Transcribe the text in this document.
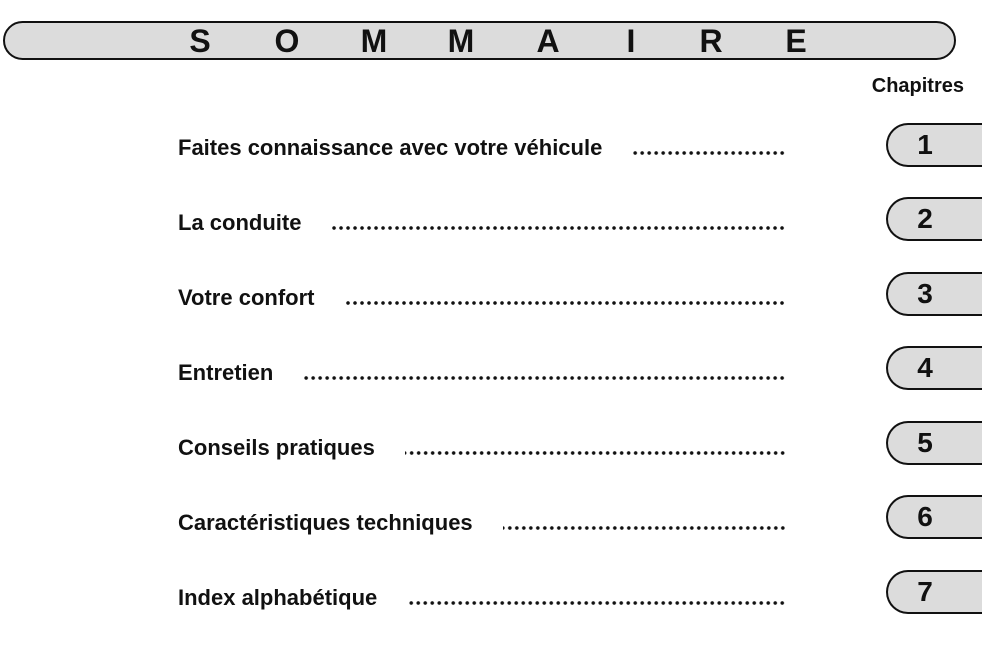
S O M M A I R E
Chapitres
Faites connaissance avec votre véhicule	1
La conduite	2
Votre confort	3
Entretien	4
Conseils pratiques	5
Caractéristiques techniques	6
Index alphabétique	7
